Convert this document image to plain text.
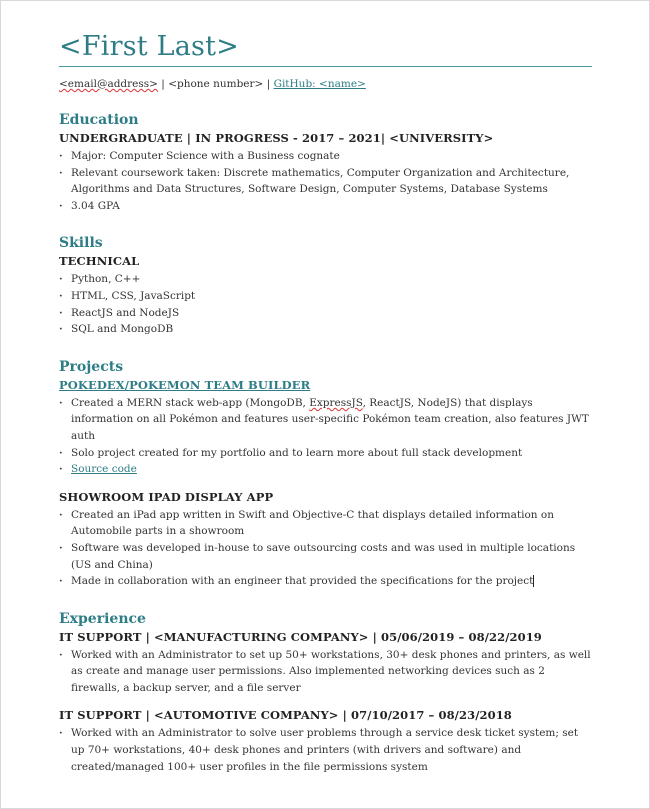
<First Last>
<email@address> | <phone number> | GitHub: <name>
Education
UNDERGRADUATE | IN PROGRESS - 2017 – 2021| <UNIVERSITY>
· Major: Computer Science with a Business cognate
· Relevant coursework taken: Discrete mathematics, Computer Organization and Architecture, Algorithms and Data Structures, Software Design, Computer Systems, Database Systems
· 3.04 GPA
Skills
TECHNICAL
· Python, C++
· HTML, CSS, JavaScript
· ReactJS and NodeJS
· SQL and MongoDB
Projects
POKEDEX/POKEMON TEAM BUILDER
· Created a MERN stack web-app (MongoDB, ExpressJS, ReactJS, NodeJS) that displays information on all Pokémon and features user-specific Pokémon team creation, also features JWT auth
· Solo project created for my portfolio and to learn more about full stack development
· Source code
SHOWROOM IPAD DISPLAY APP
· Created an iPad app written in Swift and Objective-C that displays detailed information on Automobile parts in a showroom
· Software was developed in-house to save outsourcing costs and was used in multiple locations (US and China)
· Made in collaboration with an engineer that provided the specifications for the project
Experience
IT SUPPORT | <MANUFACTURING COMPANY> | 05/06/2019 – 08/22/2019
· Worked with an Administrator to set up 50+ workstations, 30+ desk phones and printers, as well as create and manage user permissions. Also implemented networking devices such as 2 firewalls, a backup server, and a file server
IT SUPPORT | <AUTOMOTIVE COMPANY> | 07/10/2017 – 08/23/2018
· Worked with an Administrator to solve user problems through a service desk ticket system; set up 70+ workstations, 40+ desk phones and printers (with drivers and software) and created/managed 100+ user profiles in the file permissions system
